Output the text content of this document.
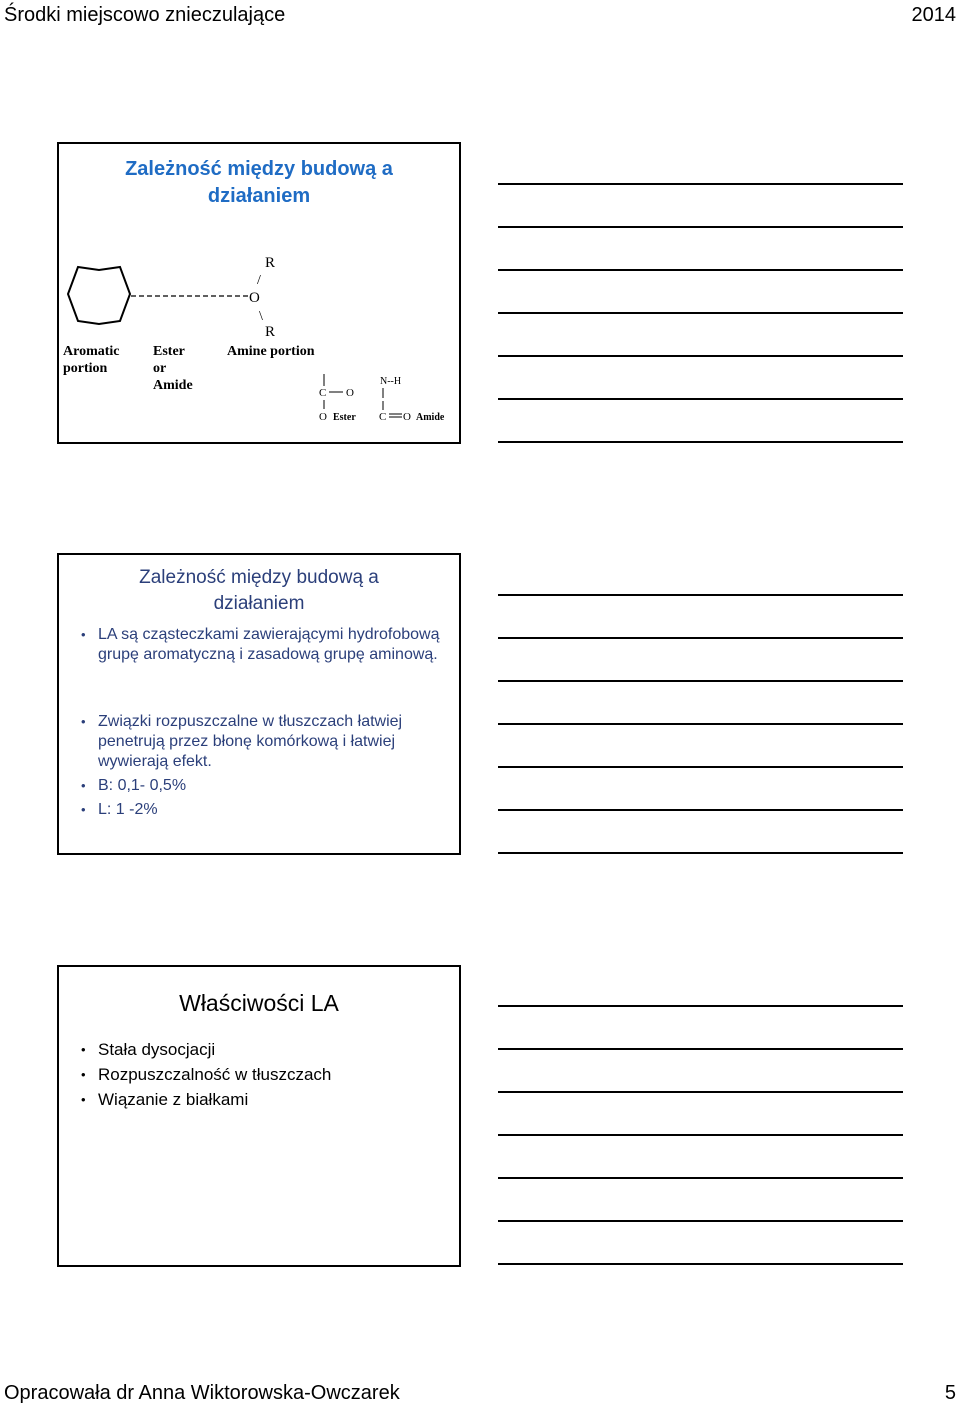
Środki miejscowo znieczulające	2014
Zależność między budową a
działaniem
R
/
O
\
R
Aromatic
portion
Ester
or
Amide
Amine portion
C O
O Ester
N--H
C O Amide
Zależność między budową a
działaniem
• LA są cząsteczkami zawierającymi hydrofobową grupę aromatyczną i zasadową grupę aminową.
• Związki rozpuszczalne w tłuszczach łatwiej penetrują przez błonę komórkową i łatwiej wywierają efekt.
• B: 0,1- 0,5%
• L: 1 -2%
Właściwości LA
• Stała dysocjacji
• Rozpuszczalność w tłuszczach
• Wiązanie z białkami
Opracowała dr Anna Wiktorowska-Owczarek	5
